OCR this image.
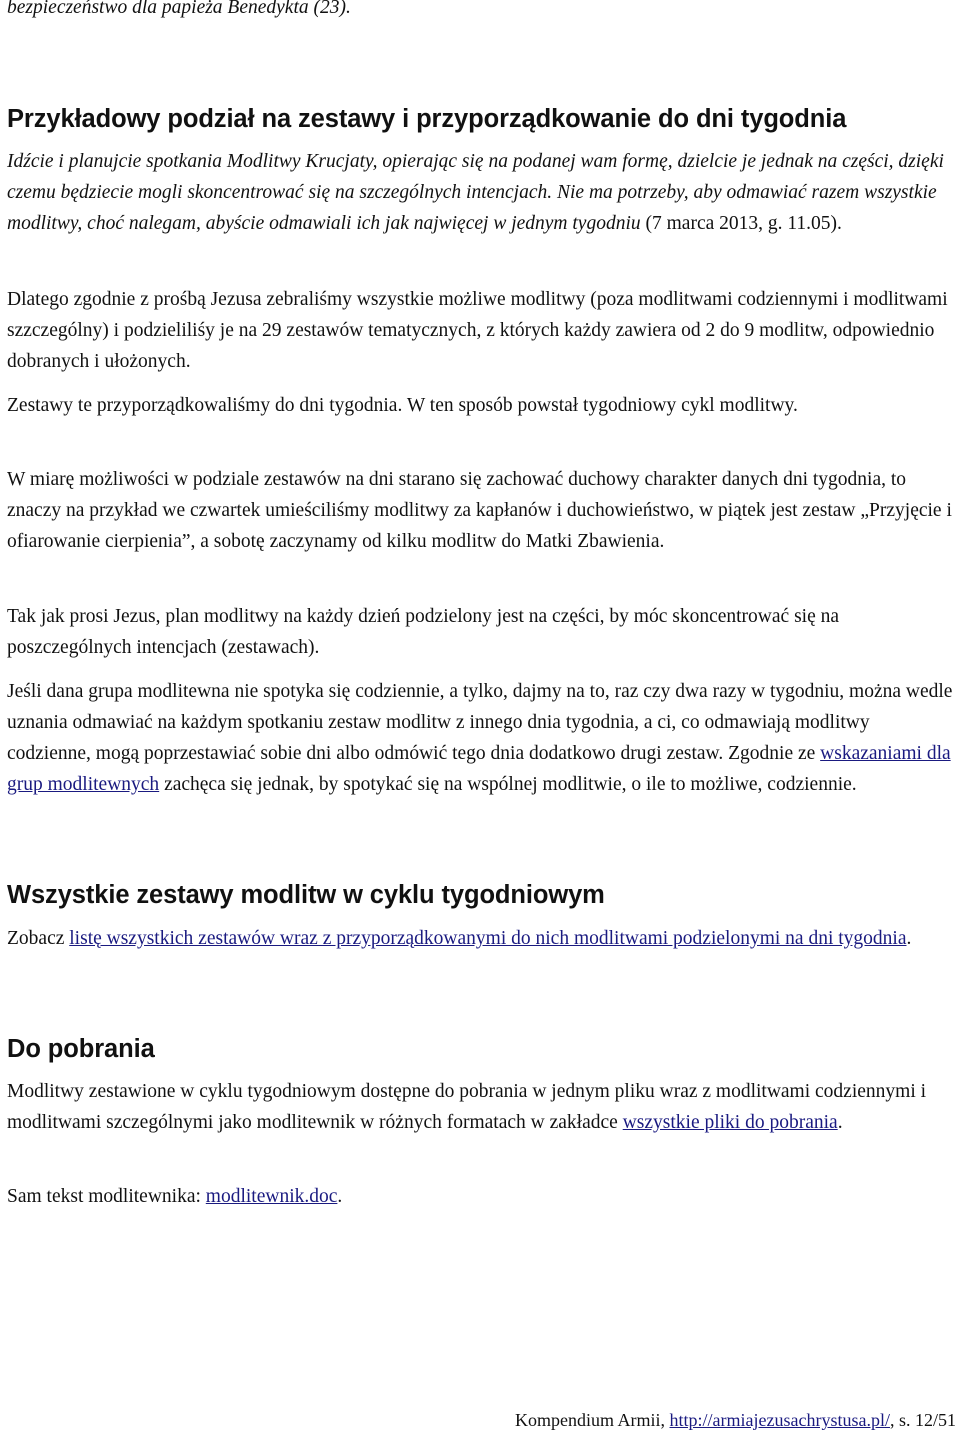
bezpieczeństwo dla papieża Benedykta (23).

Przykładowy podział na zestawy i przyporządkowanie do dni tygodnia

Idźcie i planujcie spotkania Modlitwy Krucjaty, opierając się na podanej wam formę, dzielcie je jednak na części, dzięki czemu będziecie mogli skoncentrować się na szczególnych intencjach. Nie ma potrzeby, aby odmawiać razem wszystkie modlitwy, choć nalegam, abyście odmawiali ich jak najwięcej w jednym tygodniu (7 marca 2013, g. 11.05).

Dlatego zgodnie z prośbą Jezusa zebraliśmy wszystkie możliwe modlitwy (poza modlitwami codziennymi i modlitwami szzczególny) i podzieliliśy je na 29 zestawów tematycznych, z których każdy zawiera od 2 do 9 modlitw, odpowiednio dobranych i ułożonych.

Zestawy te przyporządkowaliśmy do dni tygodnia. W ten sposób powstał tygodniowy cykl modlitwy.

W miarę możliwości w podziale zestawów na dni starano się zachować duchowy charakter danych dni tygodnia, to znaczy na przykład we czwartek umieściliśmy modlitwy za kapłanów i duchowieństwo, w piątek jest zestaw „Przyjęcie i ofiarowanie cierpienia”, a sobotę zaczynamy od kilku modlitw do Matki Zbawienia.

Tak jak prosi Jezus, plan modlitwy na każdy dzień podzielony jest na części, by móc skoncentrować się na poszczególnych intencjach (zestawach).

Jeśli dana grupa modlitewna nie spotyka się codziennie, a tylko, dajmy na to, raz czy dwa razy w tygodniu, można wedle uznania odmawiać na każdym spotkaniu zestaw modlitw z innego dnia tygodnia, a ci, co odmawiają modlitwy codzienne, mogą poprzestawiać sobie dni albo odmówić tego dnia dodatkowo drugi zestaw. Zgodnie ze wskazaniami dla grup modlitewnych zachęca się jednak, by spotykać się na wspólnej modlitwie, o ile to możliwe, codziennie.

Wszystkie zestawy modlitw w cyklu tygodniowym

Zobacz listę wszystkich zestawów wraz z przyporządkowanymi do nich modlitwami podzielonymi na dni tygodnia.

Do pobrania

Modlitwy zestawione w cyklu tygodniowym dostępne do pobrania w jednym pliku wraz z modlitwami codziennymi i modlitwami szczególnymi jako modlitewnik w różnych formatach w zakładce wszystkie pliki do pobrania.

Sam tekst modlitewnika: modlitewnik.doc.

Kompendium Armii, http://armiajezusachrystusa.pl/, s. 12/51
